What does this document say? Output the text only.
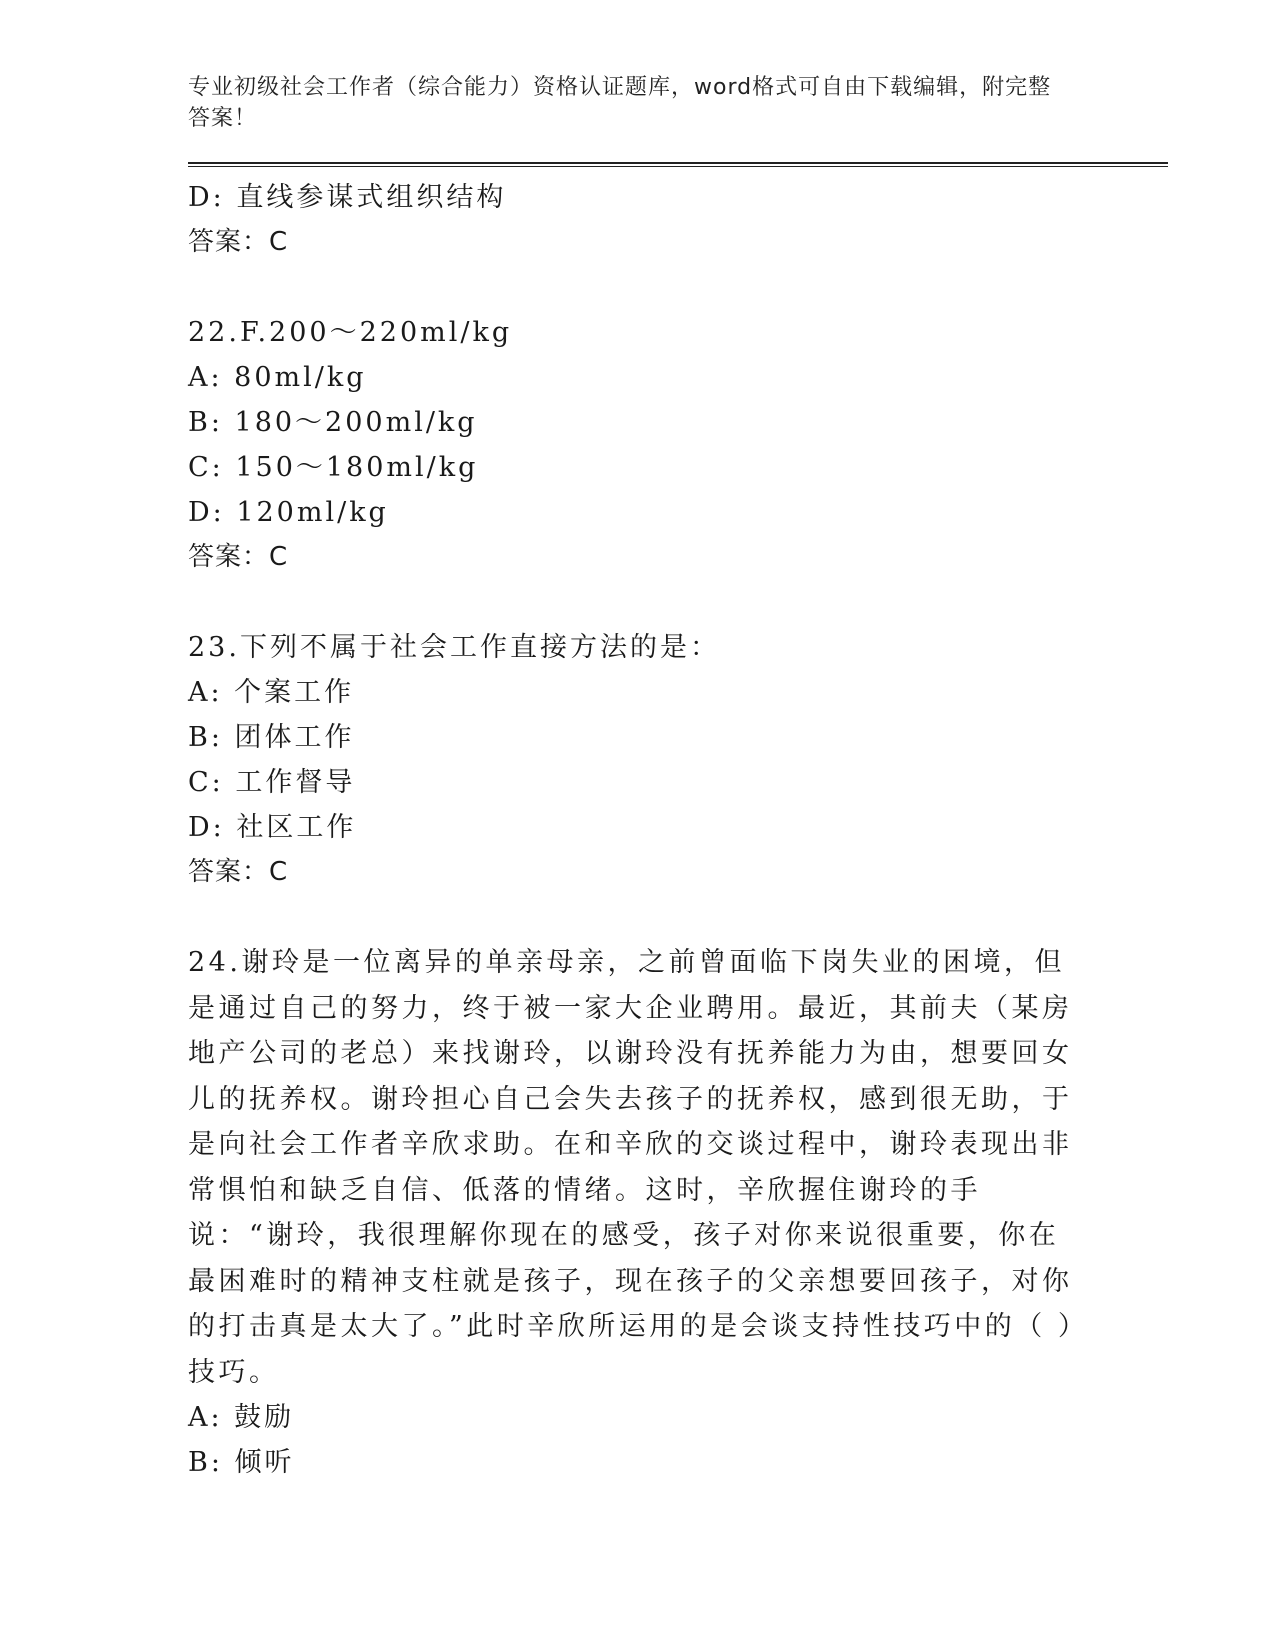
专业初级社会工作者（综合能力）资格认证题库，word格式可自由下载编辑，附完整答案！
D: 直线参谋式组织结构
答案：C
22.F.200～220ml/kg
A: 80ml/kg
B: 180～200ml/kg
C: 150～180ml/kg
D: 120ml/kg
答案：C
23.下列不属于社会工作直接方法的是：
A: 个案工作
B: 团体工作
C: 工作督导
D: 社区工作
答案：C
24.谢玲是一位离异的单亲母亲，之前曾面临下岗失业的困境，但是通过自己的努力，终于被一家大企业聘用。最近，其前夫（某房地产公司的老总）来找谢玲，以谢玲没有抚养能力为由，想要回女儿的抚养权。谢玲担心自己会失去孩子的抚养权，感到很无助，于是向社会工作者辛欣求助。在和辛欣的交谈过程中，谢玲表现出非常惧怕和缺乏自信、低落的情绪。这时，辛欣握住谢玲的手说：“谢玲，我很理解你现在的感受，孩子对你来说很重要，你在最困难时的精神支柱就是孩子，现在孩子的父亲想要回孩子，对你的打击真是太大了。”此时辛欣所运用的是会谈支持性技巧中的（ ）技巧。
A: 鼓励
B: 倾听
